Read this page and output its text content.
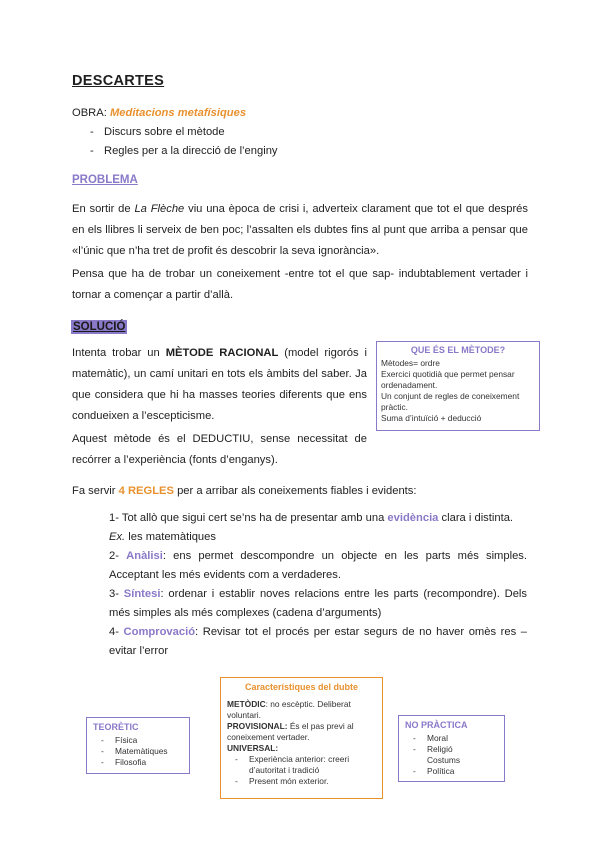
DESCARTES
OBRA: Meditacions metafísiques
- Discurs sobre el mètode
- Regles per a la direcció de l’enginy
PROBLEMA
En sortir de La Flèche viu una època de crisi i, adverteix clarament que tot el que després en els llibres li serveix de ben poc; l’assalten els dubtes fins al punt que arriba a pensar que «l’únic que n’ha tret de profit és descobrir la seva ignorància».
Pensa que ha de trobar un coneixement -entre tot el que sap- indubtablement vertader i tornar a començar a partir d’allà.
SOLUCIÓ
Intenta trobar un MÈTODE RACIONAL (model rigorós i matemàtic), un camí unitari en tots els àmbits del saber. Ja que considera que hi ha masses teories diferents que ens condueixen a l’escepticisme.
Aquest mètode és el DEDUCTIU, sense necessitat de recórrer a l’experiència (fonts d’enganys).
Fa servir 4 REGLES per a arribar als coneixements fiables i evidents:
QUE ÉS EL MÈTODE?
Mètodes= ordre
Exercici quotidià que permet pensar ordenadament.
Un conjunt de regles de coneixement pràctic.
Suma d’intuïció + deducció
1- Tot allò que sigui cert se’ns ha de presentar amb una evidència clara i distinta.
Ex. les matemàtiques
2- Anàlisi: ens permet descompondre un objecte en les parts més simples. Acceptant les més evidents com a verdaderes.
3- Síntesi: ordenar i establir noves relacions entre les parts (recompondre). Dels més simples als més complexes (cadena d’arguments)
4- Comprovació: Revisar tot el procés per estar segurs de no haver omès res –evitar l’error
Característiques del dubte
METÒDIC: no escèptic. Deliberat voluntari.
PROVISIONAL: És el pas previ al coneixement vertader.
UNIVERSAL:
- Experiència anterior: creeri d’autoritat i tradició
- Present món exterior.
TEORÈTIC
- Física
- Matemàtiques
- Filosofia
NO PRÀCTICA
- Moral
- Religió
Costums
- Política
